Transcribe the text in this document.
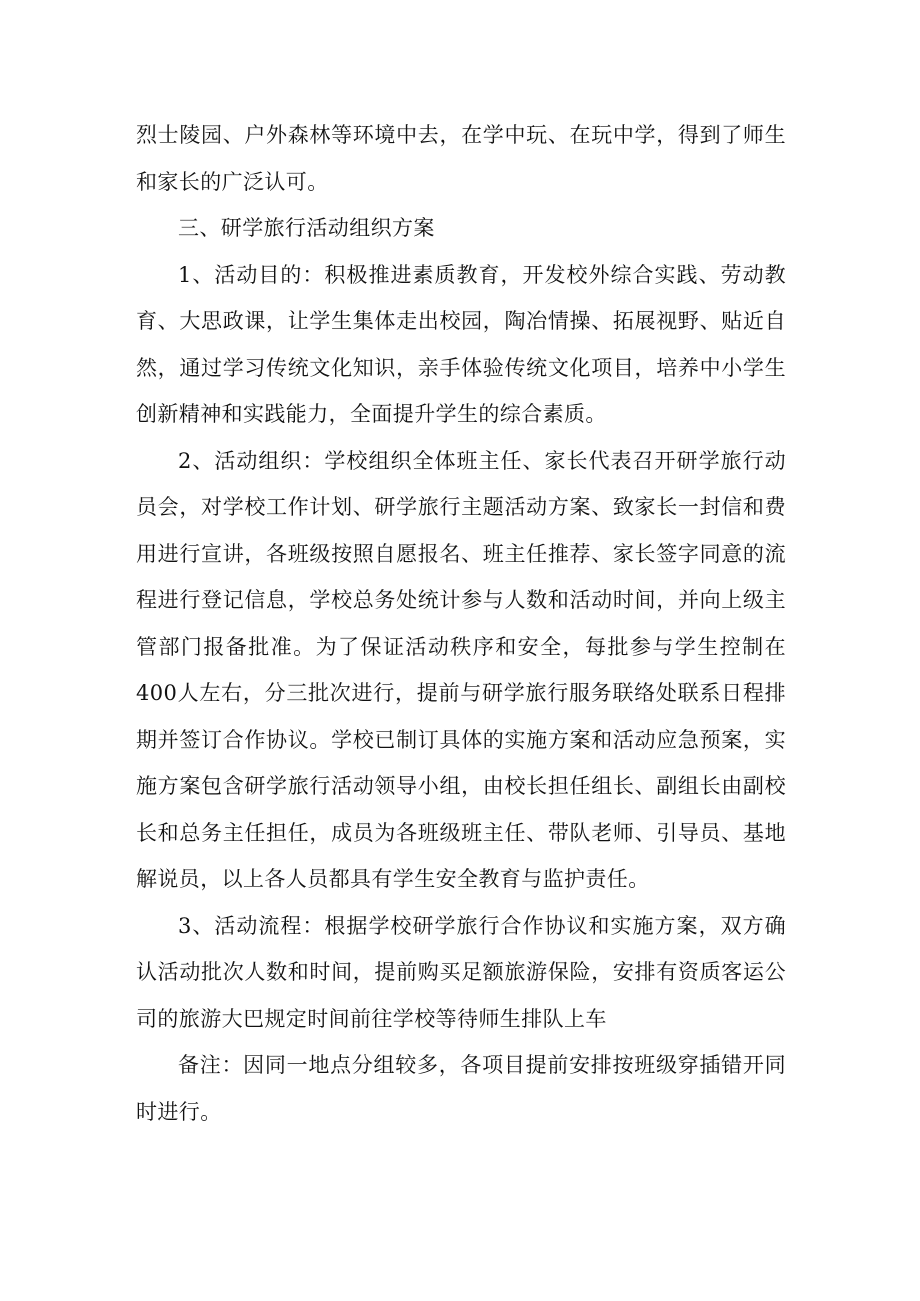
烈士陵园、户外森林等环境中去，在学中玩、在玩中学，得到了师生和家长的广泛认可。

三、研学旅行活动组织方案

1、活动目的：积极推进素质教育，开发校外综合实践、劳动教育、大思政课，让学生集体走出校园，陶冶情操、拓展视野、贴近自然，通过学习传统文化知识，亲手体验传统文化项目，培养中小学生创新精神和实践能力，全面提升学生的综合素质。

2、活动组织：学校组织全体班主任、家长代表召开研学旅行动员会，对学校工作计划、研学旅行主题活动方案、致家长一封信和费用进行宣讲，各班级按照自愿报名、班主任推荐、家长签字同意的流程进行登记信息，学校总务处统计参与人数和活动时间，并向上级主管部门报备批准。为了保证活动秩序和安全，每批参与学生控制在400人左右，分三批次进行，提前与研学旅行服务联络处联系日程排期并签订合作协议。学校已制订具体的实施方案和活动应急预案，实施方案包含研学旅行活动领导小组，由校长担任组长、副组长由副校长和总务主任担任，成员为各班级班主任、带队老师、引导员、基地解说员，以上各人员都具有学生安全教育与监护责任。

3、活动流程：根据学校研学旅行合作协议和实施方案，双方确认活动批次人数和时间，提前购买足额旅游保险，安排有资质客运公司的旅游大巴规定时间前往学校等待师生排队上车

备注：因同一地点分组较多，各项目提前安排按班级穿插错开同时进行。
